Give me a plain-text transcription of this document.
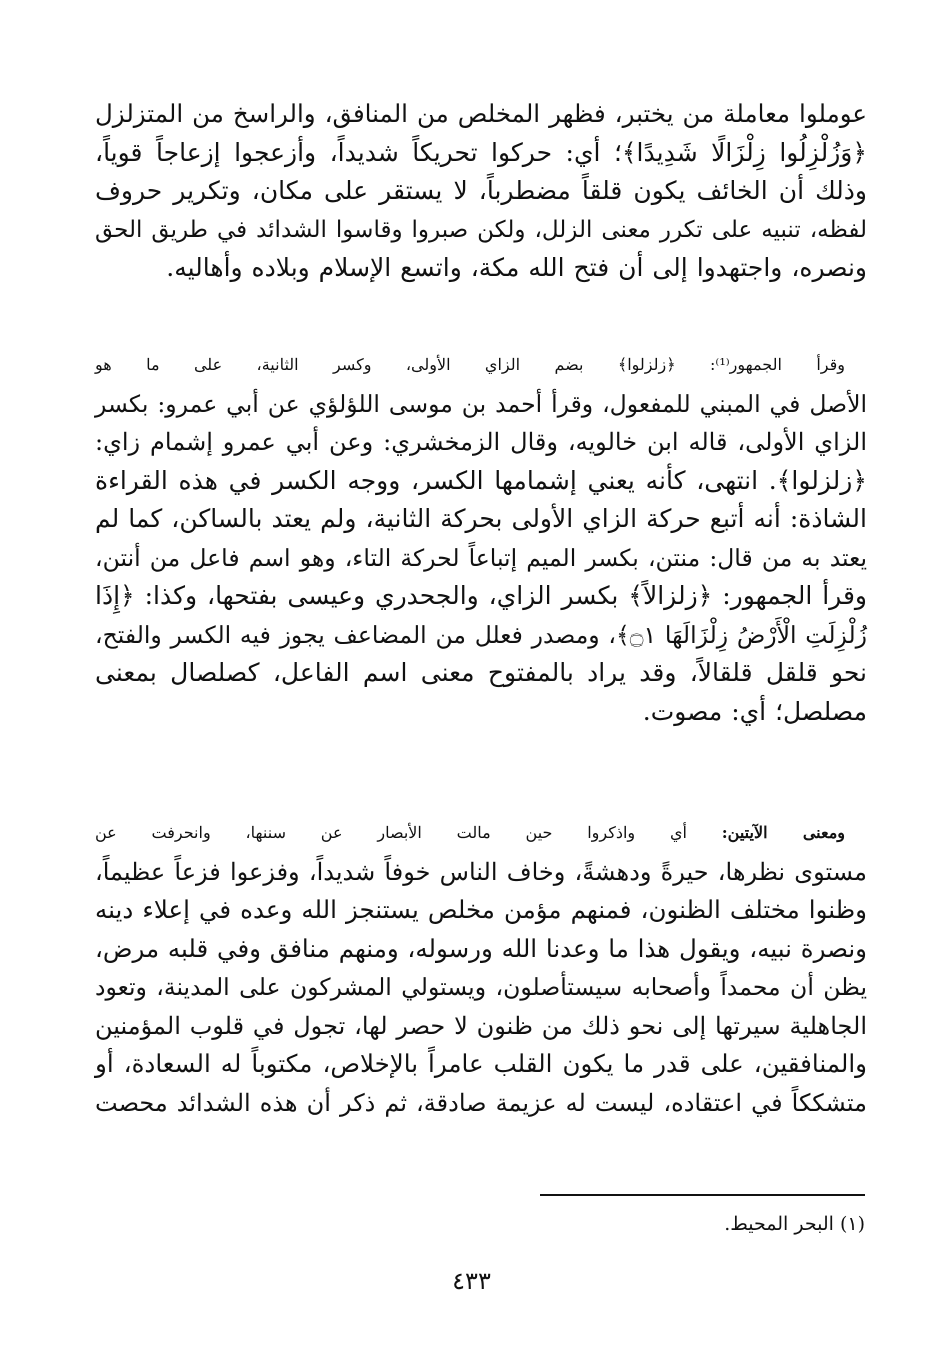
عوملوا معاملة من يختبر، فظهر المخلص من المنافق، والراسخ من المتزلزل
﴿وَزُلْزِلُوا زِلْزَالًا شَدِيدًا﴾؛ أي: حركوا تحريكاً شديداً، وأزعجوا إزعاجاً قوياً،
وذلك أن الخائف يكون قلقاً مضطرباً، لا يستقر على مكان، وتكرير حروف
لفظه، تنبيه على تكرر معنى الزلل، ولكن صبروا وقاسوا الشدائد في طريق الحق
ونصره، واجتهدوا إلى أن فتح الله مكة، واتسع الإسلام وبلاده وأهاليه.
وقرأ الجمهور⁽¹⁾: ﴿زلزلوا﴾ بضم الزاي الأولى، وكسر الثانية، على ما هو
الأصل في المبني للمفعول، وقرأ أحمد بن موسى اللؤلؤي عن أبي عمرو: بكسر
الزاي الأولى، قاله ابن خالويه، وقال الزمخشري: وعن أبي عمرو إشمام زاي:
﴿زلزلوا﴾. انتهى، كأنه يعني إشمامها الكسر، ووجه الكسر في هذه القراءة
الشاذة: أنه أتبع حركة الزاي الأولى بحركة الثانية، ولم يعتد بالساكن، كما لم
يعتد به من قال: منتن، بكسر الميم إتباعاً لحركة التاء، وهو اسم فاعل من أنتن،
وقرأ الجمهور: ﴿زلزالاً﴾ بكسر الزاي، والجحدري وعيسى بفتحها، وكذا: ﴿إِذَا
زُلْزِلَتِ الْأَرْضُ زِلْزَالَهَا ۝١﴾، ومصدر فعلل من المضاعف يجوز فيه الكسر والفتح،
نحو قلقل قلقالاً، وقد يراد بالمفتوح معنى اسم الفاعل، كصلصال بمعنى
مصلصل؛ أي: مصوت.
ومعنى الآيتين: أي واذكروا حين مالت الأبصار عن سننها، وانحرفت عن
مستوى نظرها، حيرةً ودهشةً، وخاف الناس خوفاً شديداً، وفزعوا فزعاً عظيماً،
وظنوا مختلف الظنون، فمنهم مؤمن مخلص يستنجز الله وعده في إعلاء دينه
ونصرة نبيه، ويقول هذا ما وعدنا الله ورسوله، ومنهم منافق وفي قلبه مرض،
يظن أن محمداً وأصحابه سيستأصلون، ويستولي المشركون على المدينة، وتعود
الجاهلية سيرتها إلى نحو ذلك من ظنون لا حصر لها، تجول في قلوب المؤمنين
والمنافقين، على قدر ما يكون القلب عامراً بالإخلاص، مكتوباً له السعادة، أو
متشككاً في اعتقاده، ليست له عزيمة صادقة، ثم ذكر أن هذه الشدائد محصت
(١) البحر المحيط.
٤٣٣
